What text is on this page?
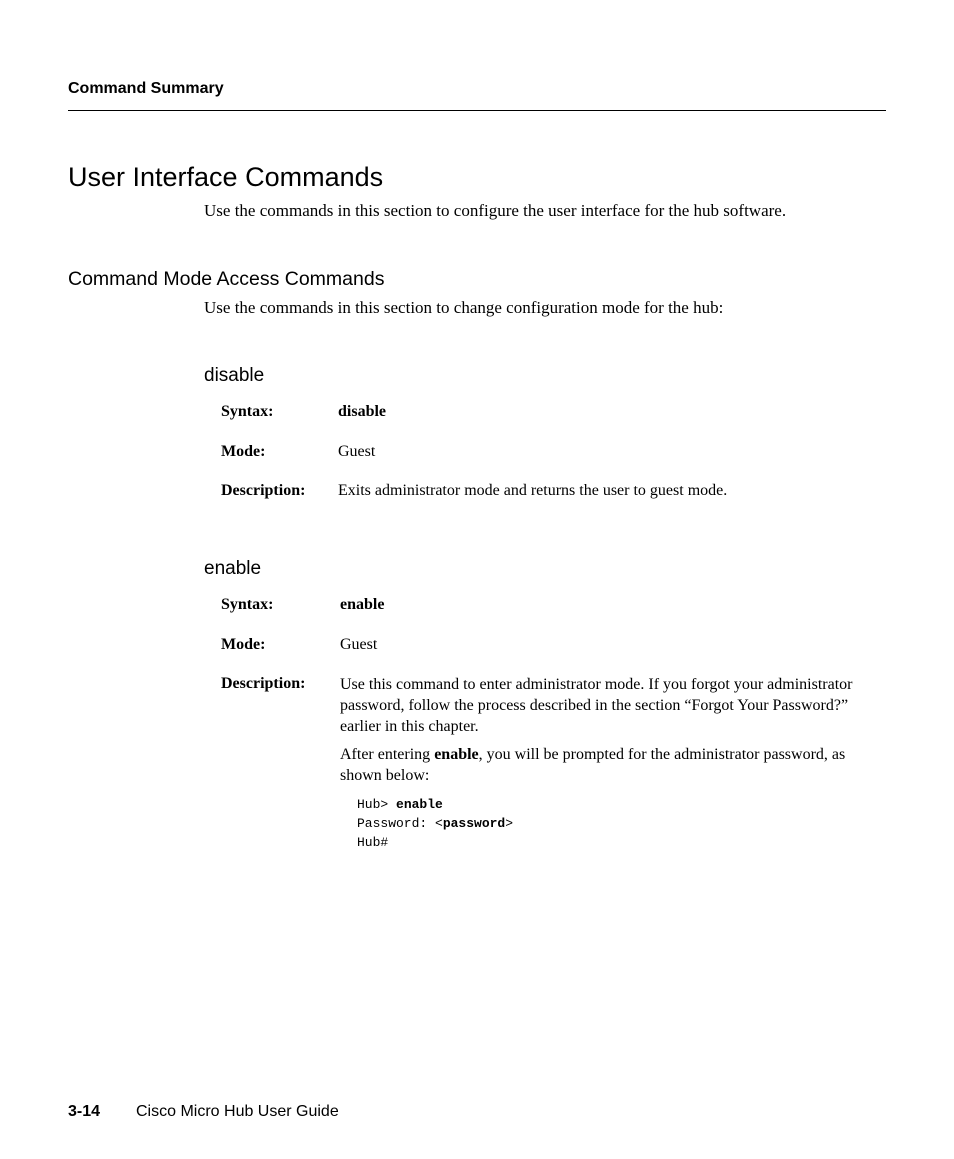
Command Summary
User Interface Commands
Use the commands in this section to configure the user interface for the hub software.
Command Mode Access Commands
Use the commands in this section to change configuration mode for the hub:
disable
Syntax:	disable
Mode:	Guest
Description: Exits administrator mode and returns the user to guest mode.
enable
Syntax:	enable
Mode:	Guest
Description: Use this command to enter administrator mode. If you forgot your administrator password, follow the process described in the section “Forgot Your Password?” earlier in this chapter.
After entering enable, you will be prompted for the administrator password, as shown below:
Hub> enable
Password: <password>
Hub#
3-14 Cisco Micro Hub User Guide
